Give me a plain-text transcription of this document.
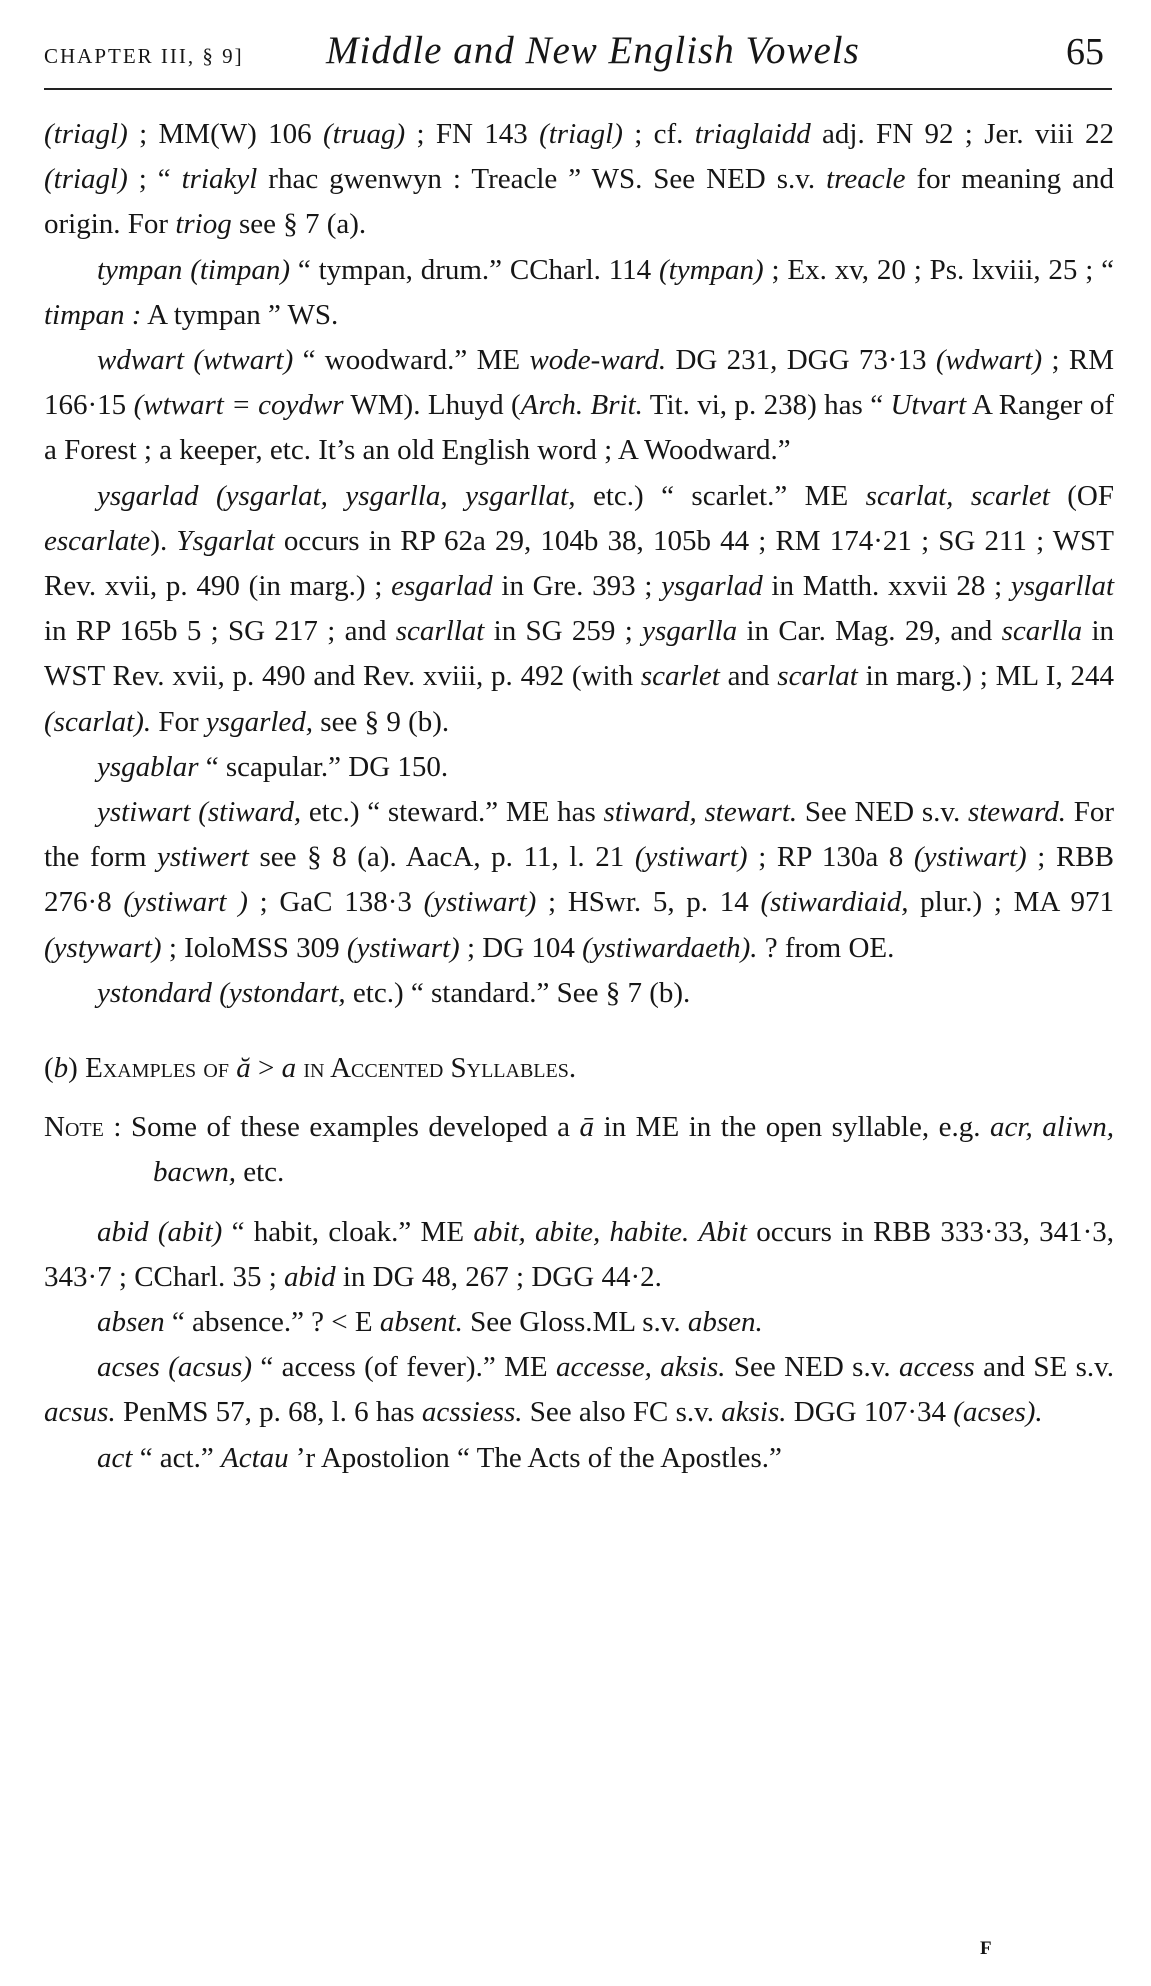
CHAPTER III, § 9] Middle and New English Vowels	65

(triagl) ; MM(W) 106 (truag) ; FN 143 (triagl) ; cf. triaglaidd adj. FN 92 ; Jer. viii 22 (triagl) ; “ triakyl rhac gwenwyn : Treacle ” WS. See NED s.v. treacle for meaning and origin. For triog see § 7 (a).

tympan (timpan) “ tympan, drum.” CCharl. 114 (tympan) ; Ex. xv, 20 ; Ps. lxviii, 25 ; “ timpan : A tympan ” WS.

wdwart (wtwart) “ woodward.” ME wode-ward. DG 231, DGG 73·13 (wdwart) ; RM 166·15 (wtwart = coydwr WM). Lhuyd (Arch. Brit. Tit. vi, p. 238) has “ Utvart A Ranger of a Forest ; a keeper, etc. It’s an old English word ; A Woodward.”

ysgarlad (ysgarlat, ysgarlla, ysgarllat, etc.) “ scarlet.” ME scarlat, scarlet (OF escarlate). Ysgarlat occurs in RP 62a 29, 104b 38, 105b 44 ; RM 174·21 ; SG 211 ; WST Rev. xvii, p. 490 (in marg.) ; esgarlad in Gre. 393 ; ysgarlad in Matth. xxvii 28 ; ysgarllat in RP 165b 5 ; SG 217 ; and scarllat in SG 259 ; ysgarlla in Car. Mag. 29, and scarlla in WST Rev. xvii, p. 490 and Rev. xviii, p. 492 (with scarlet and scarlat in marg.) ; ML I, 244 (scarlat). For ysgarled, see § 9 (b).

ysgablar “ scapular.” DG 150.

ystiwart (stiward, etc.) “ steward.” ME has stiward, stewart. See NED s.v. steward. For the form ystiwert see § 8 (a). AacA, p. 11, l. 21 (ystiwart) ; RP 130a 8 (ystiwart) ; RBB 276·8 (ystiwart ) ; GaC 138·3 (ystiwart) ; HSwr. 5, p. 14 (stiwardiaid, plur.) ; MA 971 (ystywart) ; IoloMSS 309 (ystiwart) ; DG 104 (ystiwardaeth). ? from OE.

ystondard (ystondart, etc.) “ standard.” See § 7 (b).

(b) Examples of ă > a in Accented Syllables.

Note : Some of these examples developed a ā in ME in the open syllable, e.g. acr, aliwn, bacwn, etc.

abid (abit) “ habit, cloak.” ME abit, abite, habite. Abit occurs in RBB 333·33, 341·3, 343·7 ; CCharl. 35 ; abid in DG 48, 267 ; DGG 44·2.

absen “ absence.” ? < E absent. See Gloss.ML s.v. absen.

acses (acsus) “ access (of fever).” ME accesse, aksis. See NED s.v. access and SE s.v. acsus. PenMS 57, p. 68, l. 6 has acssiess. See also FC s.v. aksis. DGG 107·34 (acses).

act “ act.” Actau ’r Apostolion “ The Acts of the Apostles.”

F
